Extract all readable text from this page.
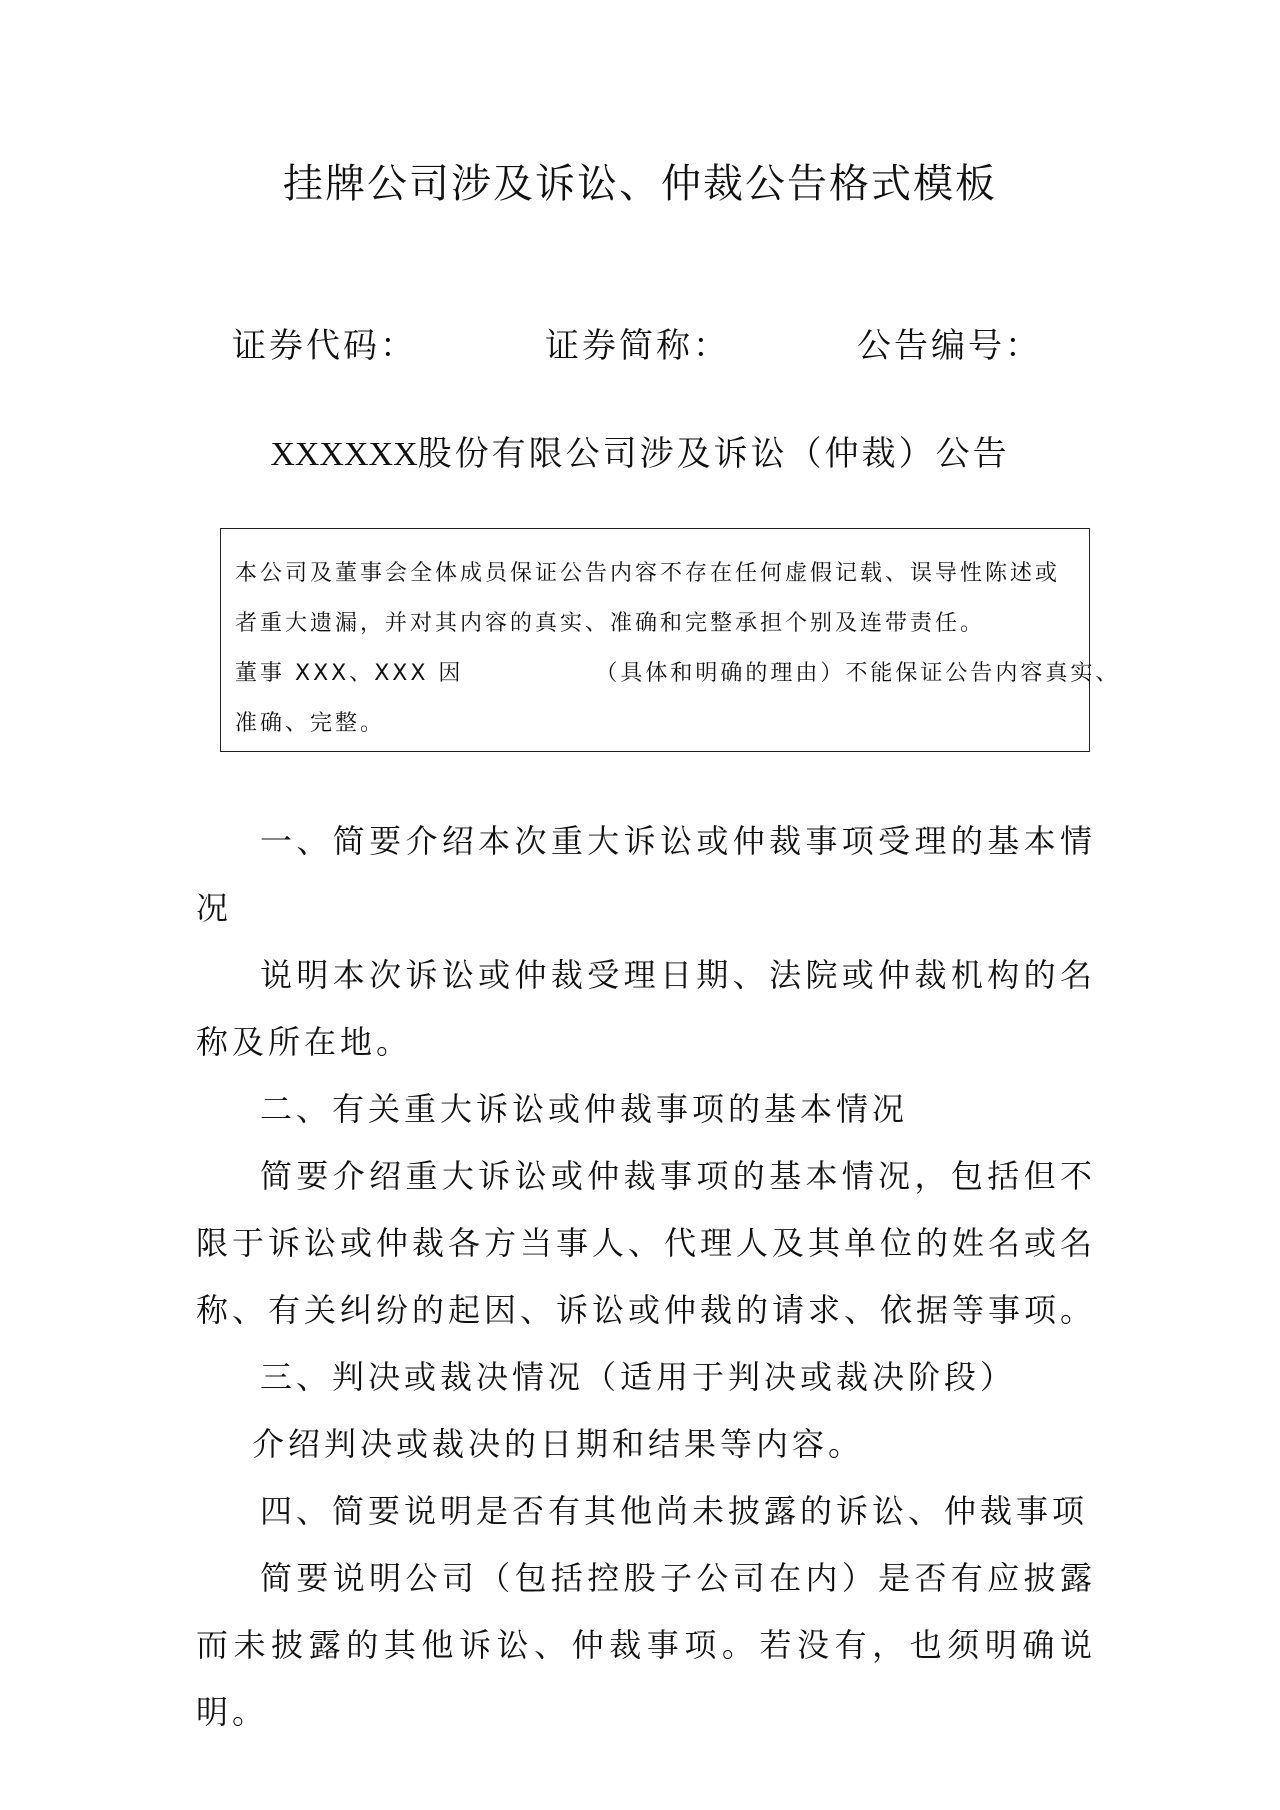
挂牌公司涉及诉讼、仲裁公告格式模板
证券代码：	证券简称：	公告编号：
XXXXXX股份有限公司涉及诉讼（仲裁）公告

本公司及董事会全体成员保证公告内容不存在任何虚假记载、误导性陈述或

者重大遗漏，并对其内容的真实、准确和完整承担个别及连带责任。

董事 XXX、XXX 因	（具体和明确的理由）不能保证公告内容真实、

准确、完整。

一、简要介绍本次重大诉讼或仲裁事项受理的基本情况

说明本次诉讼或仲裁受理日期、法院或仲裁机构的名称及所在地。

二、有关重大诉讼或仲裁事项的基本情况

简要介绍重大诉讼或仲裁事项的基本情况，包括但不限于诉讼或仲裁各方当事人、代理人及其单位的姓名或名称、有关纠纷的起因、诉讼或仲裁的请求、依据等事项。

三、判决或裁决情况（适用于判决或裁决阶段）

介绍判决或裁决的日期和结果等内容。

四、简要说明是否有其他尚未披露的诉讼、仲裁事项

简要说明公司（包括控股子公司在内）是否有应披露而未披露的其他诉讼、仲裁事项。若没有，也须明确说明。
